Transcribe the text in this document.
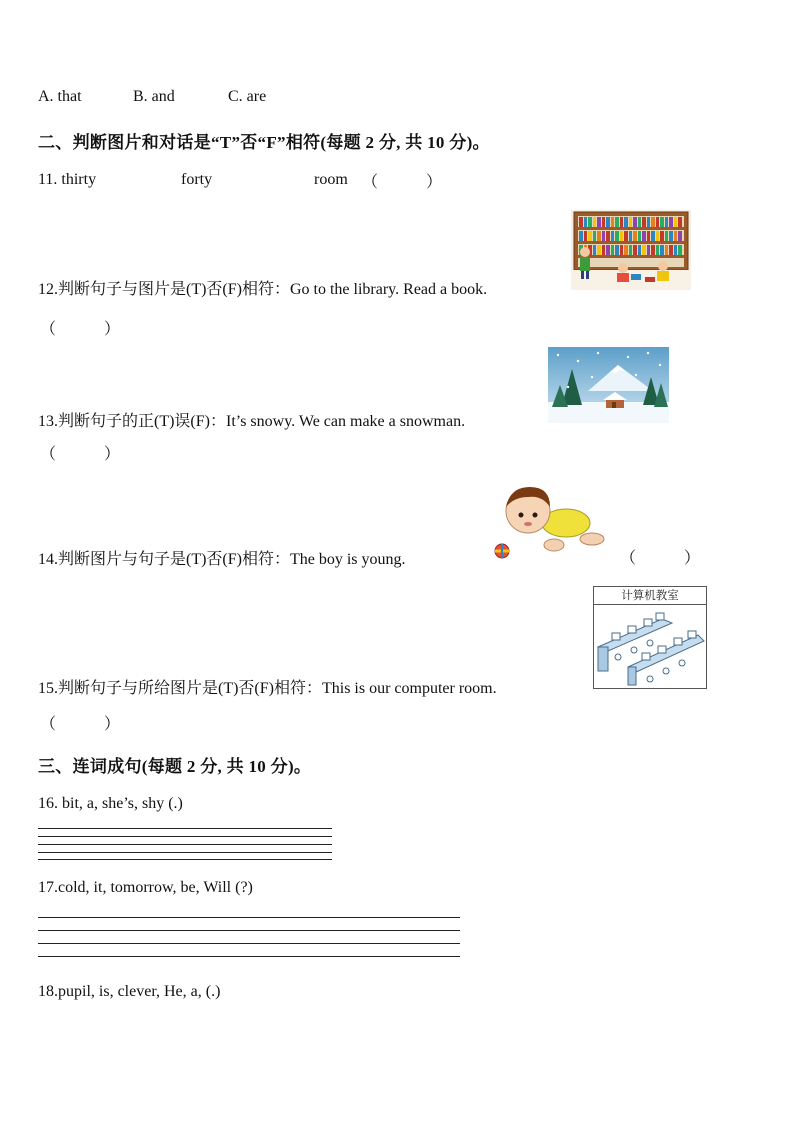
A. that	B. and	C. are
二、判断图片和对话是“T”否“F”相符(每题 2 分, 共 10 分)。
11. thirty	forty	room （　　　）
12.判断句子与图片是(T)否(F)相符：Go to the library. Read a book.
（　　　）
13.判断句子的正(T)误(F)：It’s snowy. We can make a snowman.
（　　　）
14.判断图片与句子是(T)否(F)相符：The boy is young.	（　　　）
计算机教室
15.判断句子与所给图片是(T)否(F)相符：This is our computer room.
（　　　）
三、连词成句(每题 2 分, 共 10 分)。
16. bit, a, she’s, shy (.)
17.cold, it, tomorrow, be, Will (?)
18.pupil, is, clever, He, a, (.)
